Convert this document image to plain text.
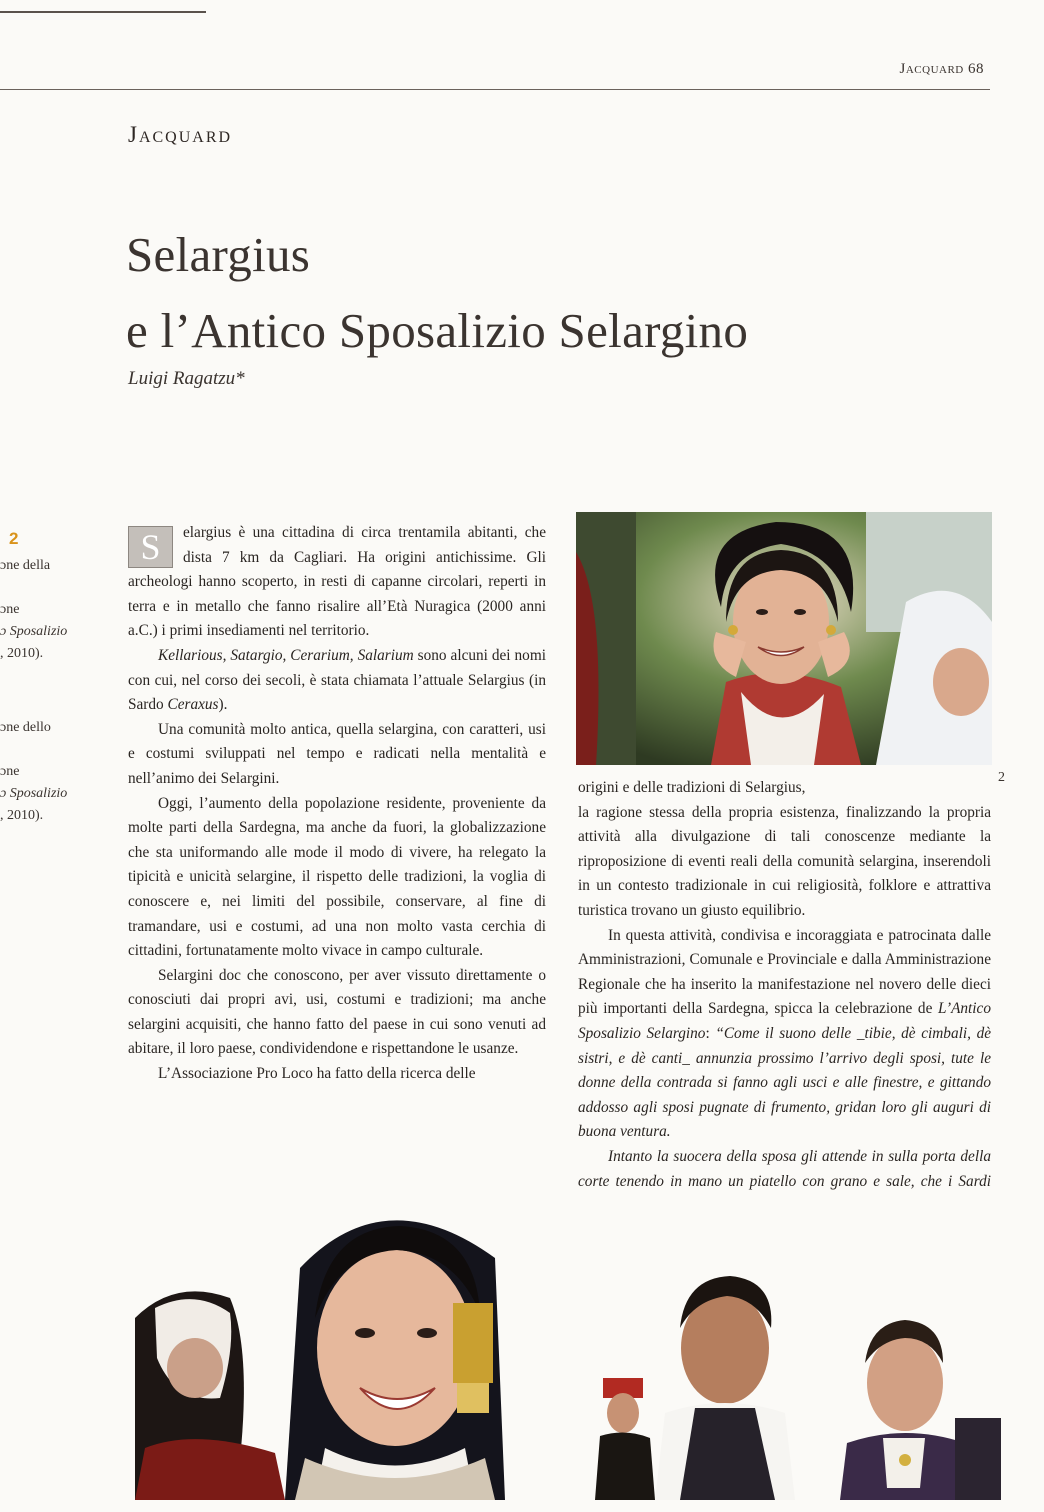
Jacquard 68
Jacquard
Selargius
e l’Antico Sposalizio Selargino
Luigi Ragatzu*
2
ɔne della
ɔne
ɔ Sposalizio
, 2010).
ɔne dello
ɔne
ɔ Sposalizio
, 2010).

S	elargius è una cittadina di circa trentamila abitanti, che dista 7 km da Cagliari. Ha origini antichissime. Gli archeologi hanno scoperto, in resti di capanne circolari, reperti in terra e in metallo che fanno risalire all’Età Nuragica (2000 anni a.C.) i primi insediamenti nel territorio.

Kellarious, Satargio, Cerarium, Salarium sono alcuni dei nomi con cui, nel corso dei secoli, è stata chiamata l’attuale Selargius (in Sardo Ceraxus).

Una comunità molto antica, quella selargina, con caratteri, usi e costumi sviluppati nel tempo e radicati nella mentalità e nell’animo dei Selargini.

Oggi, l’aumento della popolazione residente, proveniente da molte parti della Sardegna, ma anche da fuori, la globalizzazione che sta uniformando alle mode il modo di vivere, ha relegato la tipicità e unicità selargine, il rispetto delle tradizioni, la voglia di conoscere e, nei limiti del possibile, conservare, al fine di tramandare, usi e costumi, ad una non molto vasta cerchia di cittadini, fortunatamente molto vivace in campo culturale.

Selargini doc che conoscono, per aver vissuto direttamente o conosciuti dai propri avi, usi, costumi e tradizioni; ma anche selargini acquisiti, che hanno fatto del paese in cui sono venuti ad abitare, il loro paese, condividendone e rispettandone le usanze.

L’Associazione Pro Loco ha fatto della ricerca delle

2

origini e delle tradizioni di Selargius,
la ragione stessa della propria esistenza, finalizzando la propria attività alla divulgazione di tali conoscenze mediante la riproposizione di eventi reali della comunità selargina, inserendoli in un contesto tradizionale in cui religiosità, folklore e attrattiva turistica trovano un giusto equilibrio.

In questa attività, condivisa e incoraggiata e patrocinata dalle Amministrazioni, Comunale e Provinciale e dalla Amministrazione Regionale che ha inserito la manifestazione nel novero delle dieci più importanti della Sardegna, spicca la celebrazione de L’Antico Sposalizio Selargino: “Come il suono delle _tibie, dè cimbali, dè sistri, e dè canti_ annunzia prossimo l’arrivo degli sposi, tute le donne della contrada si fanno agli usci e alle finestre, e gittando addosso agli sposi pugnate di frumento, gridan loro gli auguri di buona ventura.

Intanto la suocera della sposa gli attende in sulla porta della corte tenendo in mano un piatello con grano e sale, che i Sardi
